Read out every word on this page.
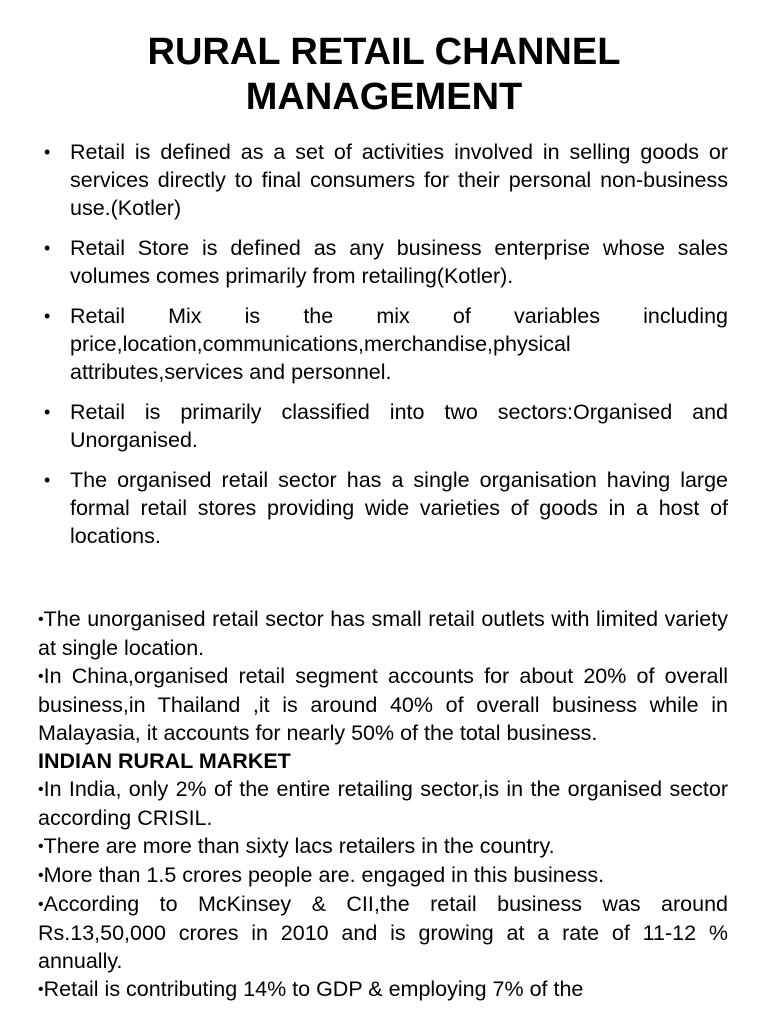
RURAL RETAIL CHANNEL
MANAGEMENT
• Retail is defined as a set of activities involved in selling goods or services directly to final consumers for their personal non-business use.(Kotler)
• Retail Store is defined as any business enterprise whose sales volumes comes primarily from retailing(Kotler).
• Retail Mix is the mix of variables including price,location,communications,merchandise,physical attributes,services and personnel.
• Retail is primarily classified into two sectors:Organised and Unorganised.
• The organised retail sector has a single organisation having large formal retail stores providing wide varieties of goods in a host of locations.

•The unorganised retail sector has small retail outlets with limited variety at single location.

•In China,organised retail segment accounts for about 20% of overall business,in Thailand ,it is around 40% of overall business while in Malayasia, it accounts for nearly 50% of the total business.

INDIAN RURAL MARKET

•In India, only 2% of the entire retailing sector,is in the organised sector according CRISIL.

•There are more than sixty lacs retailers in the country.

•More than 1.5 crores people are. engaged in this business.

•According to McKinsey & CII,the retail business was around Rs.13,50,000 crores in 2010 and is growing at a rate of 11-12 % annually.

•Retail is contributing 14% to GDP & employing 7% of the
